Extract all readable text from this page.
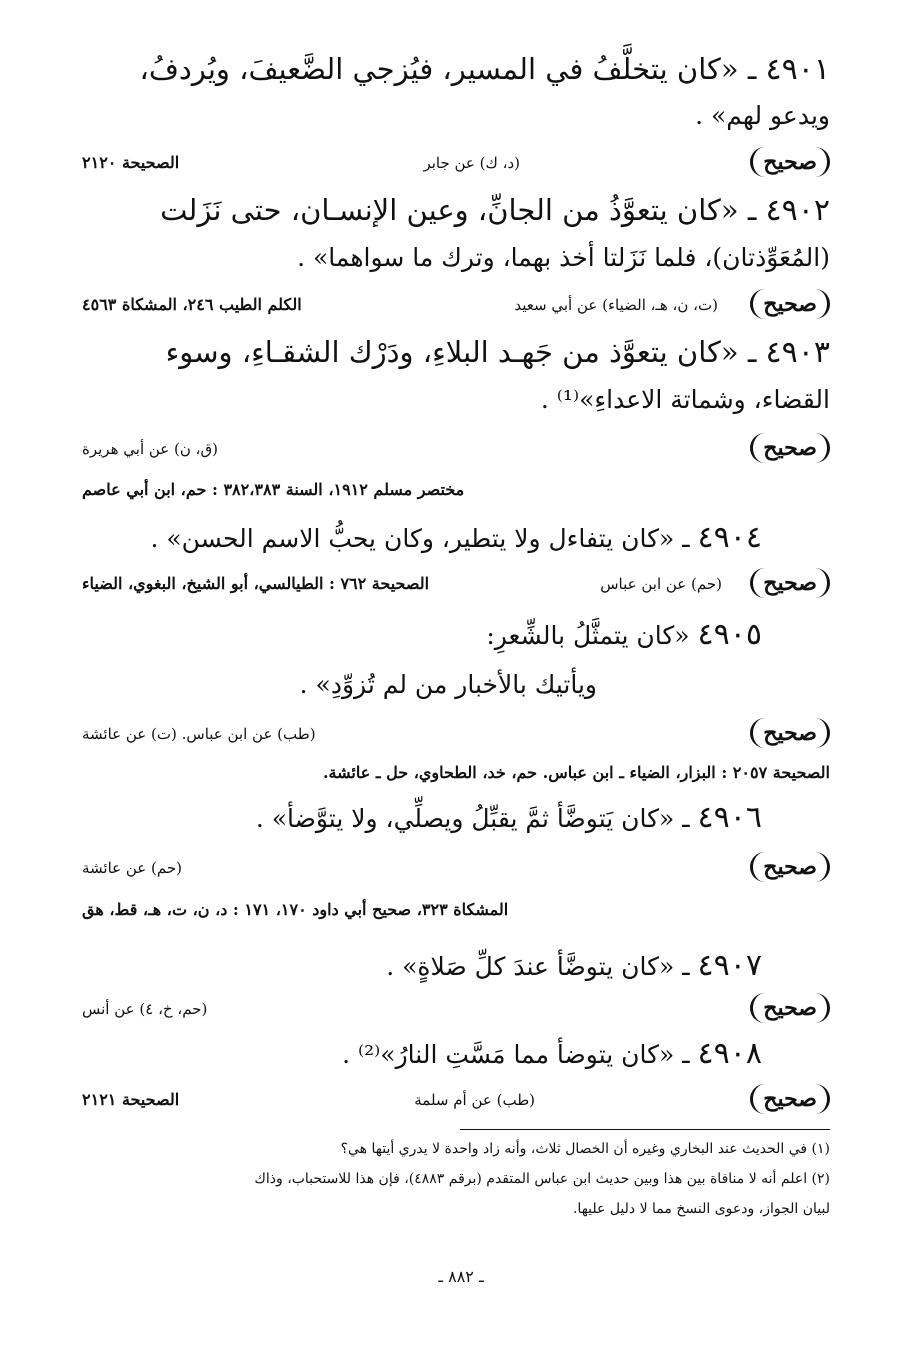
٤٩٠١ ـ «كان يتخلَّفُ في المسير، فيُزجي الضَّعيفَ، ويُردفُ،
ويدعو لهم» .
صحيح
(د، ك) عن جابر
الصحيحة ٢١٢٠
٤٩٠٢ ـ «كان يتعوَّذُ من الجانِّ، وعين الإنسـان، حتى نَزَلت
(المُعَوِّذتان)، فلما نَزَلتا أخذ بهما، وترك ما سواهما» .
صحيح
(ت، ن، هـ، الضياء) عن أبي سعيد
الكلم الطيب ٢٤٦، المشكاة ٤٥٦٣
٤٩٠٣ ـ «كان يتعوَّذ من جَهـد البلاءِ، ودَرْك الشقـاءِ، وسوء
القضاء، وشماتة الاعداءِ»⁽¹⁾ .
صحيح
(ق، ن) عن أبي هريرة
مختصر مسلم ١٩١٢، السنة ٣٨٢،٣٨٣ : حم، ابن أبي عاصم
٤٩٠٤ ـ «كان يتفاءل ولا يتطير، وكان يحبُّ الاسم الحسن» .
صحيح
(حم) عن ابن عباس
الصحيحة ٧٦٢ : الطيالسي، أبو الشيخ، البغوي، الضياء
٤٩٠٥ «كان يتمثَّلُ بالشِّعرِ:
ويأتيك بالأخبار من لم تُزوِّدِ» .
صحيح
(طب) عن ابن عباس. (ت) عن عائشة
الصحيحة ٢٠٥٧ : البزار، الضياء ـ ابن عباس. حم، خد، الطحاوي، حل ـ عائشة.
٤٩٠٦ ـ «كان يَتوضَّأ ثمَّ يقبِّلُ ويصلِّي، ولا يتوَّضأ» .
صحيح
(حم) عن عائشة
المشكاة ٣٢٣، صحيح أبي داود ١٧٠، ١٧١ : د، ن، ت، هـ، قط، هق
٤٩٠٧ ـ «كان يتوضَّأ عندَ كلِّ صَلاةٍ» .
صحيح
(حم، خ، ٤) عن أنس
٤٩٠٨ ـ «كان يتوضأ مما مَسَّتِ النارُ»⁽²⁾ .
صحيح
(طب) عن أم سلمة
الصحيحة ٢١٢١
(١) في الحديث عند البخاري وغيره أن الخصال ثلاث، وأنه زاد واحدة لا يدري أيتها هي؟
(٢) اعلم أنه لا منافاة بين هذا وبين حديث ابن عباس المتقدم (برقم ٤٨٨٣)، فإن هذا للاستحباب، وذاك
لبيان الجواز، ودعوى النسخ مما لا دليل عليها.
ـ ٨٨٢ ـ
